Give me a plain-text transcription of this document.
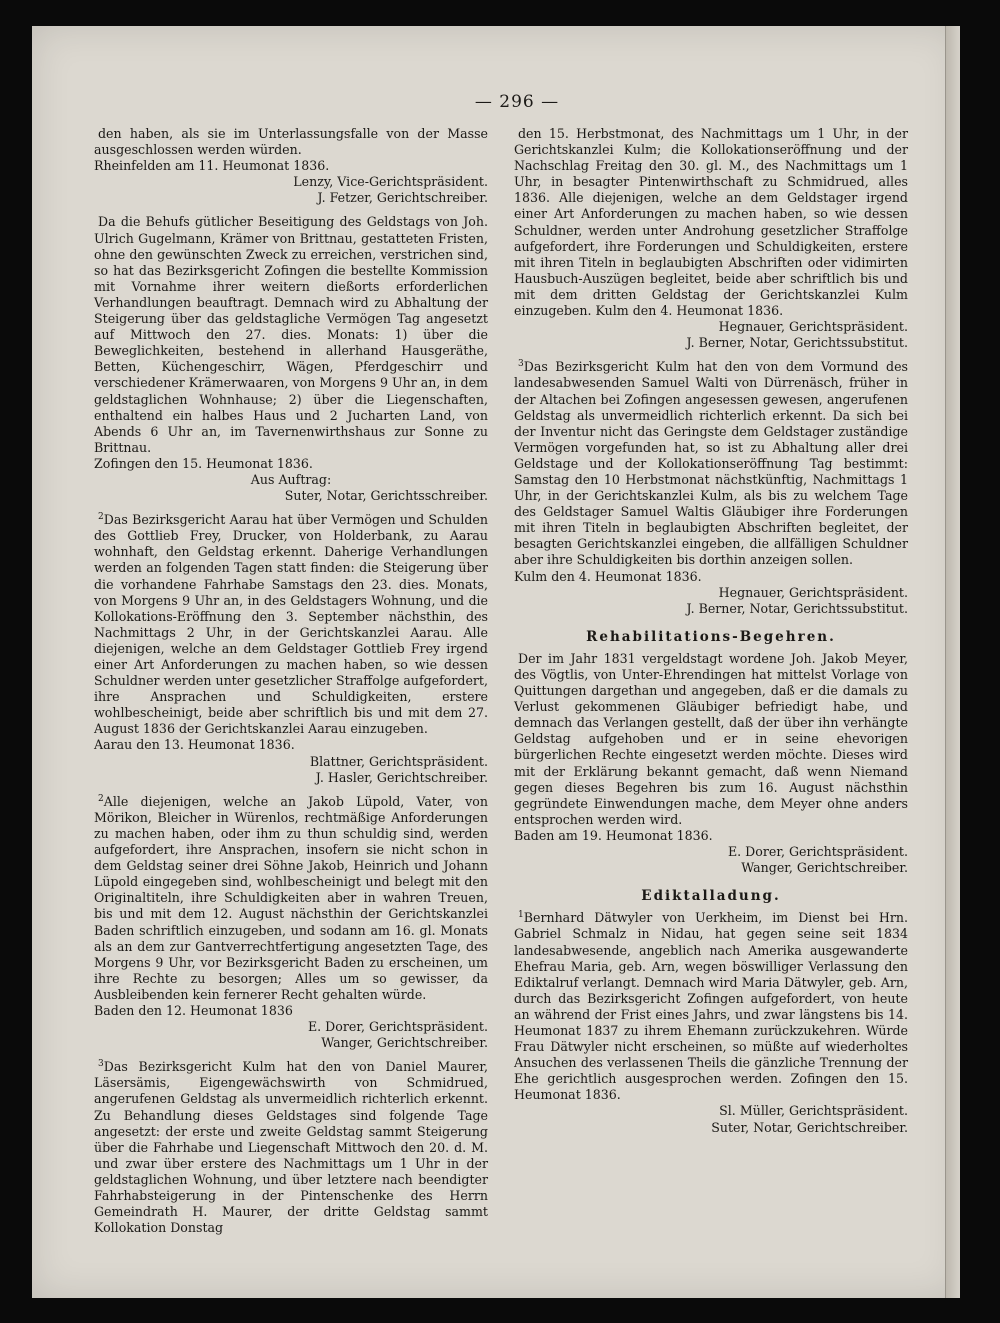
— 296 —

den haben, als sie im Unterlassungsfalle von der Masse ausgeschlossen werden würden.

Rheinfelden am 11. Heumonat 1836.

Lenzy, Vice-Gerichtspräsident.

J. Fetzer, Gerichtschreiber.

Da die Behufs gütlicher Beseitigung des Geldstags von Joh. Ulrich Gugelmann, Krämer von Brittnau, gestatteten Fristen, ohne den gewünschten Zweck zu erreichen, verstrichen sind, so hat das Bezirksgericht Zofingen die bestellte Kommission mit Vornahme ihrer weitern dießorts erforderlichen Verhandlungen beauftragt. Demnach wird zu Abhaltung der Steigerung über das geldstagliche Vermögen Tag angesetzt auf Mittwoch den 27. dies. Monats: 1) über die Beweglichkeiten, bestehend in allerhand Hausgeräthe, Betten, Küchengeschirr, Wägen, Pferdgeschirr und verschiedener Krämerwaaren, von Morgens 9 Uhr an, in dem geldstaglichen Wohnhause; 2) über die Liegenschaften, enthaltend ein halbes Haus und 2 Jucharten Land, von Abends 6 Uhr an, im Tavernenwirthshaus zur Sonne zu Brittnau.

Zofingen den 15. Heumonat 1836.

Aus Auftrag:

Suter, Notar, Gerichtsschreiber.

$^2$Das Bezirksgericht Aarau hat über Vermögen und Schulden des Gottlieb Frey, Drucker, von Holderbank, zu Aarau wohnhaft, den Geldstag erkennt. Daherige Verhandlungen werden an folgenden Tagen statt finden: die Steigerung über die vorhandene Fahrhabe Samstags den 23. dies. Monats, von Morgens 9 Uhr an, in des Geldstagers Wohnung, und die Kollokations-Eröffnung den 3. September nächsthin, des Nachmittags 2 Uhr, in der Gerichtskanzlei Aarau. Alle diejenigen, welche an dem Geldstager Gottlieb Frey irgend einer Art Anforderungen zu machen haben, so wie dessen Schuldner werden unter gesetzlicher Straffolge aufgefordert, ihre Ansprachen und Schuldigkeiten, erstere wohlbescheinigt, beide aber schriftlich bis und mit dem 27. August 1836 der Gerichtskanzlei Aarau einzugeben.

Aarau den 13. Heumonat 1836.

Blattner, Gerichtspräsident.

J. Hasler, Gerichtschreiber.

$^2$Alle diejenigen, welche an Jakob Lüpold, Vater, von Mörikon, Bleicher in Würenlos, rechtmäßige Anforderungen zu machen haben, oder ihm zu thun schuldig sind, werden aufgefordert, ihre Ansprachen, insofern sie nicht schon in dem Geldstag seiner drei Söhne Jakob, Heinrich und Johann Lüpold eingegeben sind, wohlbescheinigt und belegt mit den Originaltiteln, ihre Schuldigkeiten aber in wahren Treuen, bis und mit dem 12. August nächsthin der Gerichtskanzlei Baden schriftlich einzugeben, und sodann am 16. gl. Monats als an dem zur Gantverrechtfertigung angesetzten Tage, des Morgens 9 Uhr, vor Bezirksgericht Baden zu erscheinen, um ihre Rechte zu besorgen; Alles um so gewisser, da Ausbleibenden kein fernerer Recht gehalten würde.

Baden den 12. Heumonat 1836

E. Dorer, Gerichtspräsident.

Wanger, Gerichtschreiber.

$^3$Das Bezirksgericht Kulm hat den von Daniel Maurer, Läsersämis, Eigengewächswirth von Schmidrued, angerufenen Geldstag als unvermeidlich richterlich erkennt. Zu Behandlung dieses Geldstages sind folgende Tage angesetzt: der erste und zweite Geldstag sammt Steigerung über die Fahrhabe und Liegenschaft Mittwoch den 20. d. M. und zwar über erstere des Nachmittags um 1 Uhr in der geldstaglichen Wohnung, und über letztere nach beendigter Fahrhabsteigerung in der Pintenschenke des Herrn Gemeindrath H. Maurer, der dritte Geldstag sammt Kollokation Donstag

den 15. Herbstmonat, des Nachmittags um 1 Uhr, in der Gerichtskanzlei Kulm; die Kollokationseröffnung und der Nachschlag Freitag den 30. gl. M., des Nachmittags um 1 Uhr, in besagter Pintenwirthschaft zu Schmidrued, alles 1836. Alle diejenigen, welche an dem Geldstager irgend einer Art Anforderungen zu machen haben, so wie dessen Schuldner, werden unter Androhung gesetzlicher Straffolge aufgefordert, ihre Forderungen und Schuldigkeiten, erstere mit ihren Titeln in beglaubigten Abschriften oder vidimirten Hausbuch-Auszügen begleitet, beide aber schriftlich bis und mit dem dritten Geldstag der Gerichtskanzlei Kulm einzugeben. Kulm den 4. Heumonat 1836.

Hegnauer, Gerichtspräsident.

J. Berner, Notar, Gerichtssubstitut.

$^3$Das Bezirksgericht Kulm hat den von dem Vormund des landesabwesenden Samuel Walti von Dürrenäsch, früher in der Altachen bei Zofingen angesessen gewesen, angerufenen Geldstag als unvermeidlich richterlich erkennt. Da sich bei der Inventur nicht das Geringste dem Geldstager zuständige Vermögen vorgefunden hat, so ist zu Abhaltung aller drei Geldstage und der Kollokationseröffnung Tag bestimmt: Samstag den 10 Herbstmonat nächstkünftig, Nachmittags 1 Uhr, in der Gerichtskanzlei Kulm, als bis zu welchem Tage des Geldstager Samuel Waltis Gläubiger ihre Forderungen mit ihren Titeln in beglaubigten Abschriften begleitet, der besagten Gerichtskanzlei eingeben, die allfälligen Schuldner aber ihre Schuldigkeiten bis dorthin anzeigen sollen.

Kulm den 4. Heumonat 1836.

Hegnauer, Gerichtspräsident.

J. Berner, Notar, Gerichtssubstitut.

Rehabilitations-Begehren.

Der im Jahr 1831 vergeldstagt wordene Joh. Jakob Meyer, des Vögtlis, von Unter-Ehrendingen hat mittelst Vorlage von Quittungen dargethan und angegeben, daß er die damals zu Verlust gekommenen Gläubiger befriedigt habe, und demnach das Verlangen gestellt, daß der über ihn verhängte Geldstag aufgehoben und er in seine ehevorigen bürgerlichen Rechte eingesetzt werden möchte. Dieses wird mit der Erklärung bekannt gemacht, daß wenn Niemand gegen dieses Begehren bis zum 16. August nächsthin gegründete Einwendungen mache, dem Meyer ohne anders entsprochen werden wird.

Baden am 19. Heumonat 1836.

E. Dorer, Gerichtspräsident.

Wanger, Gerichtschreiber.

Ediktalladung.

$^1$Bernhard Dätwyler von Uerkheim, im Dienst bei Hrn. Gabriel Schmalz in Nidau, hat gegen seine seit 1834 landesabwesende, angeblich nach Amerika ausgewanderte Ehefrau Maria, geb. Arn, wegen böswilliger Verlassung den Ediktalruf verlangt. Demnach wird Maria Dätwyler, geb. Arn, durch das Bezirksgericht Zofingen aufgefordert, von heute an während der Frist eines Jahrs, und zwar längstens bis 14. Heumonat 1837 zu ihrem Ehemann zurückzukehren. Würde Frau Dätwyler nicht erscheinen, so müßte auf wiederholtes Ansuchen des verlassenen Theils die gänzliche Trennung der Ehe gerichtlich ausgesprochen werden. Zofingen den 15. Heumonat 1836.

Sl. Müller, Gerichtspräsident.

Suter, Notar, Gerichtschreiber.
